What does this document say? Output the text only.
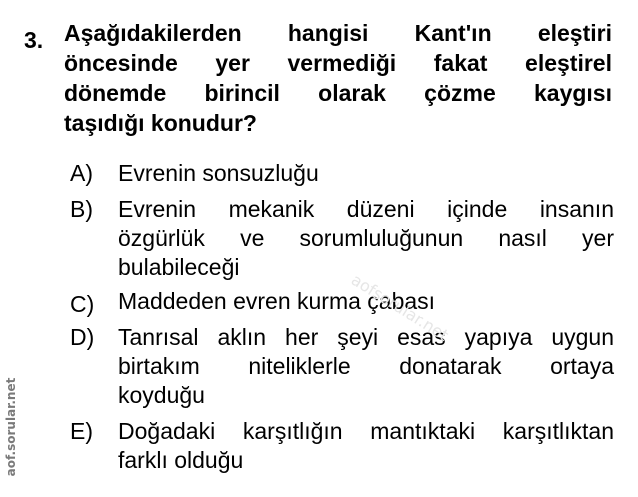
3. Aşağıdakilerden hangisi Kant'ın eleştiri
öncesinde yer vermediği fakat eleştirel
dönemde birincil olarak çözme kaygısı
taşıdığı konudur?
A) Evrenin sonsuzluğu
B) Evrenin mekanik düzeni içinde insanın
özgürlük ve sorumluluğunun nasıl yer
bulabileceği
C) Maddeden evren kurma çabası
D) Tanrısal aklın her şeyi esas yapıya uygun
birtakım niteliklerle donatarak ortaya
koyduğu
E) Doğadaki karşıtlığın mantıktaki karşıtlıktan
farklı olduğu
aofsorular.net
aof.sorular.net
